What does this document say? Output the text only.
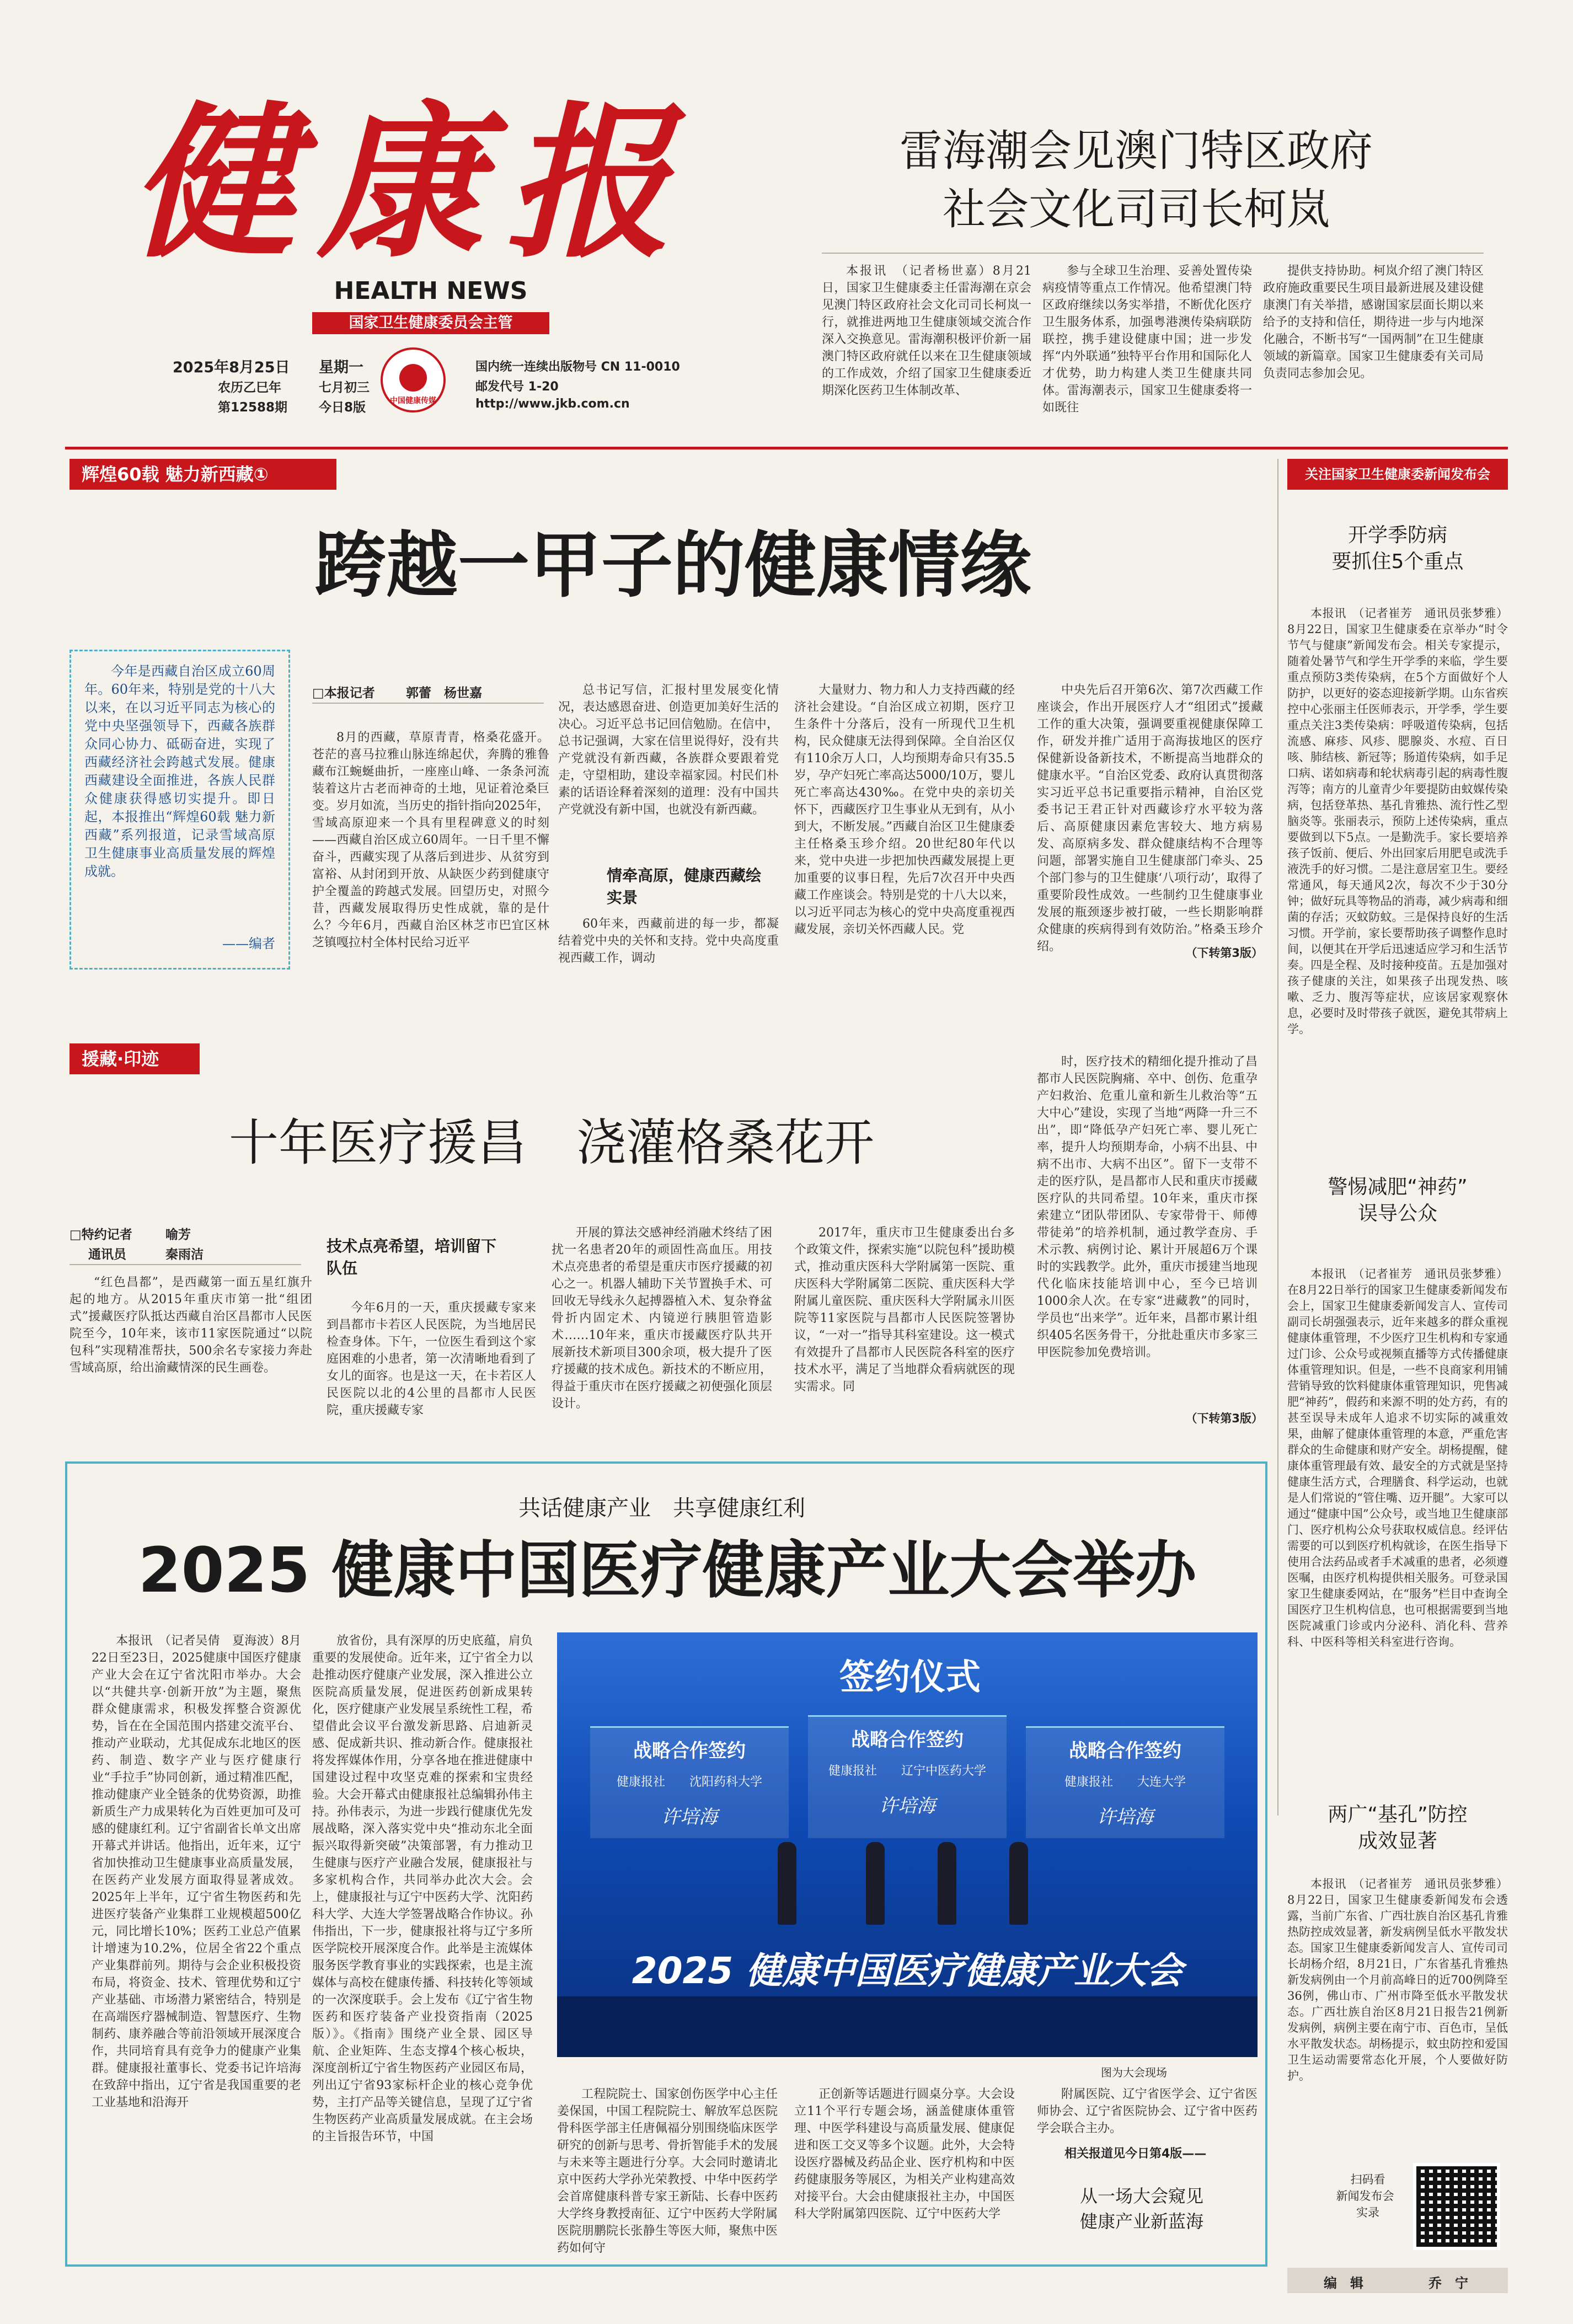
健康报
HEALTH NEWS
国家卫生健康委员会主管
2025年8月25日 星期一
农历乙巳年	七月初三
第12588期 今日8版	中国健康传媒
国内统一连续出版物号 CN 11-0010
邮发代号 1-20
http://www.jkb.com.cn
雷海潮会见澳门特区政府
社会文化司司长柯岚

本报讯　（记者杨世嘉）8月21日，国家卫生健康委主任雷海潮在京会见澳门特区政府社会文化司司长柯岚一行，就推进两地卫生健康领域交流合作深入交换意见。雷海潮积极评价新一届澳门特区政府就任以来在卫生健康领域的工作成效，介绍了国家卫生健康委近期深化医药卫生体制改革、

参与全球卫生治理、妥善处置传染病疫情等重点工作情况。他希望澳门特区政府继续以务实举措，不断优化医疗卫生服务体系，加强粤港澳传染病联防联控，携手建设健康中国；进一步发挥“内外联通”独特平台作用和国际化人才优势，助力构建人类卫生健康共同体。雷海潮表示，国家卫生健康委将一如既往

提供支持协助。柯岚介绍了澳门特区政府施政重要民生项目最新进展及建设健康澳门有关举措，感谢国家层面长期以来给予的支持和信任，期待进一步与内地深化融合，不断书写“一国两制”在卫生健康领域的新篇章。国家卫生健康委有关司局负责同志参加会见。

辉煌60载 魅力新西藏①
跨越一甲子的健康情缘

今年是西藏自治区成立60周年。60年来，特别是党的十八大以来，在以习近平同志为核心的党中央坚强领导下，西藏各族群众同心协力、砥砺奋进，实现了西藏经济社会跨越式发展。健康西藏建设全面推进，各族人民群众健康获得感切实提升。即日起，本报推出“辉煌60载 魅力新西藏”系列报道，记录雪域高原卫生健康事业高质量发展的辉煌成就。

——编者
□本报记者 郭蕾　杨世嘉

8月的西藏，草原青青，格桑花盛开。苍茫的喜马拉雅山脉连绵起伏，奔腾的雅鲁藏布江蜿蜒曲折，一座座山峰、一条条河流装着这片古老而神奇的土地，见证着沧桑巨变。岁月如流，当历史的指针指向2025年，雪域高原迎来一个具有里程碑意义的时刻——西藏自治区成立60周年。一日千里不懈奋斗，西藏实现了从落后到进步、从贫穷到富裕、从封闭到开放、从缺医少药到健康守护全覆盖的跨越式发展。回望历史，对照今昔，西藏发展取得历史性成就，靠的是什么？今年6月，西藏自治区林芝市巴宜区林芝镇嘎拉村全体村民给习近平

总书记写信，汇报村里发展变化情况，表达感恩奋进、创造更加美好生活的决心。习近平总书记回信勉励。在信中，总书记强调，大家在信里说得好，没有共产党就没有新西藏，各族群众要跟着党走，守望相助，建设幸福家园。村民们朴素的话语诠释着深刻的道理：没有中国共产党就没有新中国，也就没有新西藏。

情牵高原，健康西藏绘实景

60年来，西藏前进的每一步，都凝结着党中央的关怀和支持。党中央高度重视西藏工作，调动

大量财力、物力和人力支持西藏的经济社会建设。“自治区成立初期，医疗卫生条件十分落后，没有一所现代卫生机构，民众健康无法得到保障。全自治区仅有110余万人口，人均预期寿命只有35.5岁，孕产妇死亡率高达5000/10万，婴儿死亡率高达430‰。在党中央的亲切关怀下，西藏医疗卫生事业从无到有，从小到大，不断发展。”西藏自治区卫生健康委主任格桑玉珍介绍。20世纪80年代以来，党中央进一步把加快西藏发展提上更加重要的议事日程，先后7次召开中央西藏工作座谈会。特别是党的十八大以来，以习近平同志为核心的党中央高度重视西藏发展，亲切关怀西藏人民。党

中央先后召开第6次、第7次西藏工作座谈会，作出开展医疗人才“组团式”援藏工作的重大决策，强调要重视健康保障工作，研发并推广适用于高海拔地区的医疗保健新设备新技术，不断提高当地群众的健康水平。“自治区党委、政府认真贯彻落实习近平总书记重要指示精神，自治区党委书记王君正针对西藏诊疗水平较为落后、高原健康因素危害较大、地方病易发、高原病多发、群众健康结构不合理等问题，部署实施自卫生健康部门牵头、25个部门参与的卫生健康‘八项行动’，取得了重要阶段性成效。一些制约卫生健康事业发展的瓶颈逐步被打破，一些长期影响群众健康的疾病得到有效防治。”格桑玉珍介绍。	（下转第3版）
援藏·印迹
十年医疗援昌　浇灌格桑花开
□特约记者	喻芳
通讯员	秦雨洁

“红色昌都”，是西藏第一面五星红旗升起的地方。从2015年重庆市第一批“组团式”援藏医疗队抵达西藏自治区昌都市人民医院至今，10年来，该市11家医院通过“以院包科”实现精准帮扶，500余名专家接力奔赴雪域高原，给出渝藏情深的民生画卷。

技术点亮希望，培训留下队伍

今年6月的一天，重庆援藏专家来到昌都市卡若区人民医院，为当地居民检查身体。下午，一位医生看到这个家庭困难的小患者，第一次清晰地看到了女儿的面容。也是这一天，在卡若区人民医院以北的4公里的昌都市人民医院，重庆援藏专家

开展的算法交感神经消融术终结了困扰一名患者20年的顽固性高血压。用技术点亮患者的希望是重庆市医疗援藏的初心之一。机器人辅助下关节置换手术、可回收无导线永久起搏器植入术、复杂脊盆骨折内固定术、内镜逆行胰胆管造影术……10年来，重庆市援藏医疗队共开展新技术新项目300余项，极大提升了医疗援藏的技术成色。新技术的不断应用，得益于重庆市在医疗援藏之初便强化顶层设计。

2017年，重庆市卫生健康委出台多个政策文件，探索实施“以院包科”援助模式，推动重庆医科大学附属第一医院、重庆医科大学附属第二医院、重庆医科大学附属儿童医院、重庆医科大学附属永川医院等11家医院与昌都市人民医院签署协议，“一对一”指导其科室建设。这一模式有效提升了昌都市人民医院各科室的医疗技术水平，满足了当地群众看病就医的现实需求。同

时，医疗技术的精细化提升推动了昌都市人民医院胸痛、卒中、创伤、危重孕产妇救治、危重儿童和新生儿救治等“五大中心”建设，实现了当地“两降一升三不出”，即“降低孕产妇死亡率、婴儿死亡率，提升人均预期寿命，小病不出县、中病不出市、大病不出区”。留下一支带不走的医疗队，是昌都市人民和重庆市援藏医疗队的共同希望。10年来，重庆市探索建立“团队带团队、专家带骨干、师傅带徒弟”的培养机制，通过教学查房、手术示教、病例讨论、累计开展超6万个课时的实践教学。此外，重庆市援建当地现代化临床技能培训中心，至今已培训1000余人次。在专家“进藏教”的同时，学员也“出来学”。近年来，昌都市累计组织405名医务骨干，分批赴重庆市多家三甲医院参加免费培训。

（下转第3版）
共话健康产业　共享健康红利
2025 健康中国医疗健康产业大会举办

本报讯　（记者吴倩　夏海波）8月22日至23日，2025健康中国医疗健康产业大会在辽宁省沈阳市举办。大会以“共健共享·创新开放”为主题，聚焦群众健康需求，积极发挥整合资源优势，旨在在全国范围内搭建交流平台、推动产业联动，尤其促成东北地区的医药、制造、数字产业与医疗健康行业“手拉手”协同创新，通过精准匹配，推动健康产业全链条的优势资源，助推新质生产力成果转化为百姓更加可及可感的健康红利。辽宁省副省长单文出席开幕式并讲话。他指出，近年来，辽宁省加快推动卫生健康事业高质量发展，在医药产业发展方面取得显著成效。2025年上半年，辽宁省生物医药和先进医疗装备产业集群工业规模超500亿元，同比增长10%；医药工业总产值累计增速为10.2%，位居全省22个重点产业集群前列。期待与会企业积极投资布局，将资金、技术、管理优势和辽宁产业基础、市场潜力紧密结合，特别是在高端医疗器械制造、智慧医疗、生物制药、康养融合等前沿领域开展深度合作，共同培育具有竞争力的健康产业集群。健康报社董事长、党委书记许培海在致辞中指出，辽宁省是我国重要的老工业基地和沿海开

放省份，具有深厚的历史底蕴，肩负重要的发展使命。近年来，辽宁省全力以赴推动医疗健康产业发展，深入推进公立医院高质量发展，促进医药创新成果转化，医疗健康产业发展呈系统性工程，希望借此会议平台激发新思路、启迪新灵感、促成新共识、推动新合作。健康报社将发挥媒体作用，分享各地在推进健康中国建设过程中攻坚克难的探索和宝贵经验。大会开幕式由健康报社总编辑孙伟主持。孙伟表示，为进一步践行健康优先发展战略，深入落实党中央“推动东北全面振兴取得新突破”决策部署，有力推动卫生健康与医疗产业融合发展，健康报社与多家机构合作，共同举办此次大会。会上，健康报社与辽宁中医药大学、沈阳药科大学、大连大学签署战略合作协议。孙伟指出，下一步，健康报社将与辽宁多所医学院校开展深度合作。此举是主流媒体服务医学教育事业的实践探索，也是主流媒体与高校在健康传播、科技转化等领域的一次深度联手。会上发布《辽宁省生物医药和医疗装备产业投资指南（2025版）》。《指南》围绕产业全景、园区导航、企业矩阵、生态支撑4个核心板块，深度剖析辽宁省生物医药产业园区布局，列出辽宁省93家标杆企业的核心竞争优势，主打产品等关键信息，呈现了辽宁省生物医药产业高质量发展成就。在主会场的主旨报告环节，中国

签约仪式
战略合作签约
健康报社　　沈阳药科大学
许培海
战略合作签约
健康报社　　辽宁中医药大学
许培海
战略合作签约
健康报社　　大连大学
许培海
2025 健康中国医疗健康产业大会
图为大会现场

工程院院士、国家创伤医学中心主任姜保国，中国工程院院士、解放军总医院骨科医学部主任唐佩福分别围绕临床医学研究的创新与思考、骨折智能手术的发展与未来等主题进行分享。大会同时邀请北京中医药大学孙光荣教授、中华中医药学会首席健康科普专家王新陆、长春中医药大学终身教授南征、辽宁中医药大学附属医院朋鹏院长张静生等医大师，聚焦中医药如何守

正创新等话题进行圆桌分享。大会设立11个平行专题会场，涵盖健康体重管理、中医学科建设与高质量发展、健康促进和医工交叉等多个议题。此外，大会特设医疗器械及药品企业、医疗机构和中医药健康服务等展区，为相关产业构建高效对接平台。大会由健康报社主办，中国医科大学附属第四医院、辽宁中医药大学

附属医院、辽宁省医学会、辽宁省医师协会、辽宁省医院协会、辽宁省中医药学会联合主办。

相关报道见今日第4版——
从一场大会窥见
健康产业新蓝海
关注国家卫生健康委新闻发布会
开学季防病
要抓住5个重点

本报讯　（记者崔芳　通讯员张梦雅）8月22日，国家卫生健康委在京举办“时令节气与健康”新闻发布会。相关专家提示，随着处暑节气和学生开学季的来临，学生要重点预防3类传染病，在5个方面做好个人防护，以更好的姿态迎接新学期。山东省疾控中心张丽主任医师表示，开学季，学生要重点关注3类传染病：呼吸道传染病，包括流感、麻疹、风疹、腮腺炎、水痘、百日咳、肺结核、新冠等；肠道传染病，如手足口病、诺如病毒和轮状病毒引起的病毒性腹泻等；南方的儿童青少年要提防由蚊媒传染病，包括登革热、基孔肯雅热、流行性乙型脑炎等。张丽表示，预防上述传染病，重点要做到以下5点。一是勤洗手。家长要培养孩子饭前、便后、外出回家后用肥皂或洗手液洗手的好习惯。二是注意居室卫生。要经常通风，每天通风2次，每次不少于30分钟；做好玩具等物品的消毒，减少病毒和细菌的存活；灭蚊防蚊。三是保持良好的生活习惯。开学前，家长要帮助孩子调整作息时间，以便其在开学后迅速适应学习和生活节奏。四是全程、及时接种疫苗。五是加强对孩子健康的关注，如果孩子出现发热、咳嗽、乏力、腹泻等症状，应该居家观察休息，必要时及时带孩子就医，避免其带病上学。

警惕减肥“神药”
误导公众

本报讯　（记者崔芳　通讯员张梦雅）在8月22日举行的国家卫生健康委新闻发布会上，国家卫生健康委新闻发言人、宣传司副司长胡强强表示，近年来越多的群众重视健康体重管理，不少医疗卫生机构和专家通过门诊、公众号或视频直播等方式传播健康体重管理知识。但是，一些不良商家利用铺营销导致的饮料健康体重管理知识，兜售减肥“神药”，假药和来源不明的处方药，有的甚至误导未成年人追求不切实际的减重效果，曲解了健康体重管理的本意，严重危害群众的生命健康和财产安全。胡杨提醒，健康体重管理最有效、最安全的方式就是坚持健康生活方式，合理膳食、科学运动，也就是人们常说的“管住嘴、迈开腿”。大家可以通过“健康中国”公众号，或当地卫生健康部门、医疗机构公众号获取权威信息。经评估需要的可以到医疗机构就诊，在医生指导下使用合法药品或者手术减重的患者，必须遵医嘱，由医疗机构提供相关服务。可登录国家卫生健康委网站，在“服务”栏目中查询全国医疗卫生机构信息，也可根据需要到当地医院减重门诊或内分泌科、消化科、营养科、中医科等相关科室进行咨询。

两广“基孔”防控
成效显著

本报讯　（记者崔芳　通讯员张梦雅）8月22日，国家卫生健康委新闻发布会透露，当前广东省、广西壮族自治区基孔肯雅热防控成效显著，新发病例呈低水平散发状态。国家卫生健康委新闻发言人、宣传司司长胡杨介绍，8月21日，广东省基孔肯雅热新发病例由一个月前高峰日的近700例降至36例，佛山市、广州市降至低水平散发状态。广西壮族自治区8月21日报告21例新发病例，病例主要在南宁市、百色市，呈低水平散发状态。胡杨提示，蚊虫防控和爱国卫生运动需要常态化开展，个人要做好防护。

扫码看
新闻发布会
实录
编　辑	乔　宁
